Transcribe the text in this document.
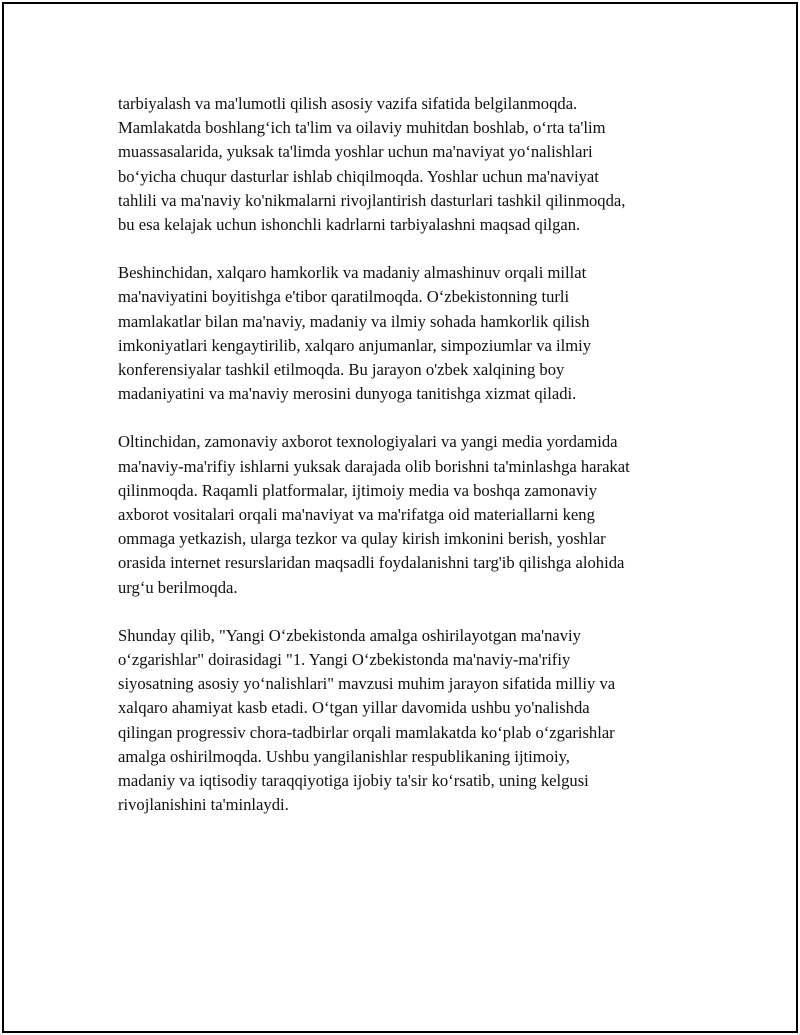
tarbiyalash va ma'lumotli qilish asosiy vazifa sifatida belgilanmoqda.
Mamlakatda boshlang‘ich ta'lim va oilaviy muhitdan boshlab, o‘rta ta'lim
muassasalarida, yuksak ta'limda yoshlar uchun ma'naviyat yo‘nalishlari
bo‘yicha chuqur dasturlar ishlab chiqilmoqda. Yoshlar uchun ma'naviyat
tahlili va ma'naviy ko'nikmalarni rivojlantirish dasturlari tashkil qilinmoqda,
bu esa kelajak uchun ishonchli kadrlarni tarbiyalashni maqsad qilgan.

Beshinchidan, xalqaro hamkorlik va madaniy almashinuv orqali millat
ma'naviyatini boyitishga e'tibor qaratilmoqda. O‘zbekistonning turli
mamlakatlar bilan ma'naviy, madaniy va ilmiy sohada hamkorlik qilish
imkoniyatlari kengaytirilib, xalqaro anjumanlar, simpoziumlar va ilmiy
konferensiyalar tashkil etilmoqda. Bu jarayon o'zbek xalqining boy
madaniyatini va ma'naviy merosini dunyoga tanitishga xizmat qiladi.

Oltinchidan, zamonaviy axborot texnologiyalari va yangi media yordamida
ma'naviy-ma'rifiy ishlarni yuksak darajada olib borishni ta'minlashga harakat
qilinmoqda. Raqamli platformalar, ijtimoiy media va boshqa zamonaviy
axborot vositalari orqali ma'naviyat va ma'rifatga oid materiallarni keng
ommaga yetkazish, ularga tezkor va qulay kirish imkonini berish, yoshlar
orasida internet resurslaridan maqsadli foydalanishni targ'ib qilishga alohida
urg‘u berilmoqda.

Shunday qilib, "Yangi O‘zbekistonda amalga oshirilayotgan ma'naviy
o‘zgarishlar" doirasidagi "1. Yangi O‘zbekistonda ma'naviy-ma'rifiy
siyosatning asosiy yo‘nalishlari" mavzusi muhim jarayon sifatida milliy va
xalqaro ahamiyat kasb etadi. O‘tgan yillar davomida ushbu yo'nalishda
qilingan progressiv chora-tadbirlar orqali mamlakatda ko‘plab o‘zgarishlar
amalga oshirilmoqda. Ushbu yangilanishlar respublikaning ijtimoiy,
madaniy va iqtisodiy taraqqiyotiga ijobiy ta'sir ko‘rsatib, uning kelgusi
rivojlanishini ta'minlaydi.
